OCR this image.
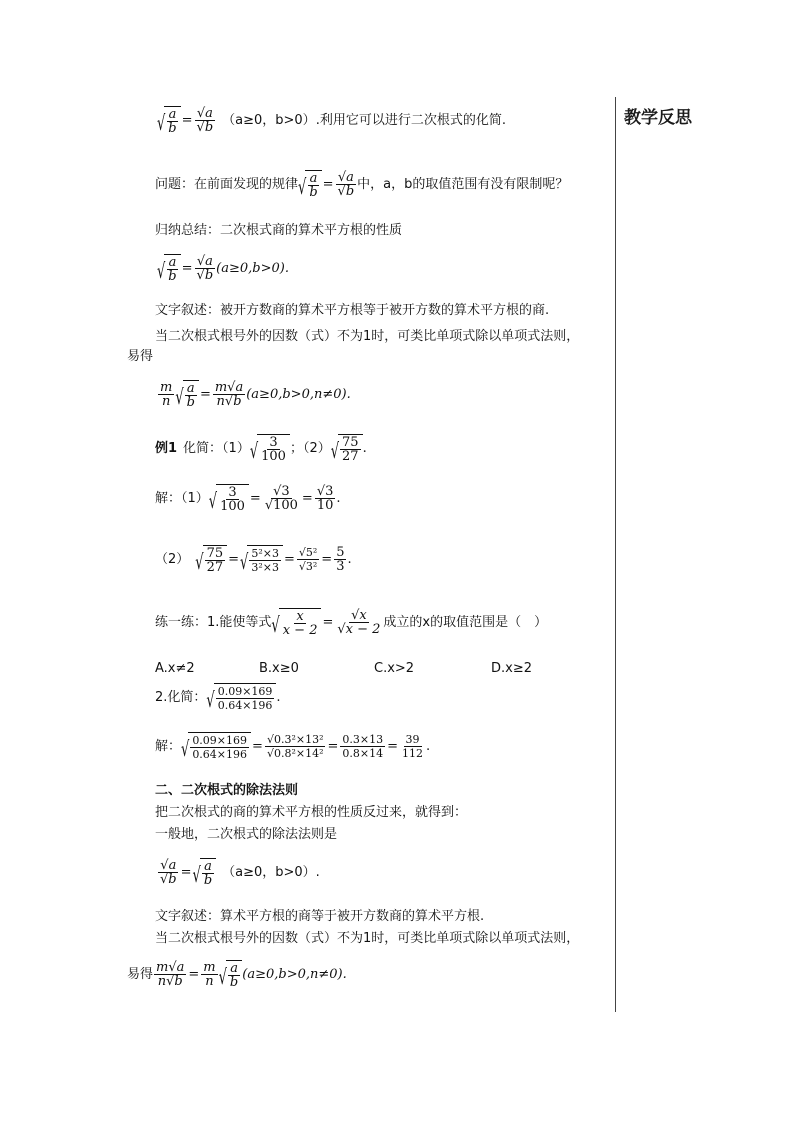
教学反思
√ $\frac{a}{b} = \frac{√a}{√b} (a\ge 0$，b>0） .利用它可以进行二次根式的化简.
问题：在前面发现的规律 √ $\frac{a}{b} = \frac{√a}{√b}$ 中，a，b的取值范围有没有限制呢？
归纳总结：二次根式商的算术平方根的性质
√ $\frac{a}{b} = \frac{√a}{√b} (a\ge 0,b>0)$.
文字叙述：被开方数商的算术平方根等于被开方数的算术平方根的商.
当二次根式根号外的因数（式）不为1时，可类比单项式除以单项式法则，
易得
$\frac{m}{n}$ √ $\frac{a}{b} = \frac{m√a}{n√b} (a\ge 0,b>0,n\ne 0)$.
例1 化简：（1） √ $\frac{3}{100}$ ；（2） √ $\frac{75}{27}$ .
解：（1） √ $\frac{3}{100} = \frac{√3}{√100} = \frac{√3}{10}$ .
（2） √ $\frac{75}{27}$ = √ $\frac{\text{5²×3}}{\text{3²×3}} = \frac{\text{√5²}}{\text{√3²}} = \frac{5}{3}$ .
练一练：1.能使等式 √ $\frac{x}{x - 2} = \frac{√x}{√x - 2}$ 成立的x的取值范围是（　）
A.x≠2	B.x≥0	C.x>2	D.x≥2
2.化简： √ $\frac{0.09\times 169}{0.64\times 196}$ .
解： √ $\frac{0.09\times 169}{0.64\times 196} = \frac{\text{√0.3²×13²}}{\text{√0.8²×14²}} = \frac{0.3\times 13}{0.8\times 14} = \frac{39}{112}$ .
二、二次根式的除法法则
把二次根式的商的算术平方根的性质反过来，就得到：
一般地，二次根式的除法法则是
$\frac{√a}{√b}$ = √ $\frac{a}{b} (a\ge 0$，b>0）.
文字叙述：算术平方根的商等于被开方数商的算术平方根.
当二次根式根号外的因数（式）不为1时，可类比单项式除以单项式法则，
易得 $\frac{m√a}{n√b} = \frac{m}{n}$ √ $\frac{a}{b} (a\ge 0,b>0,n\ne 0)$.
